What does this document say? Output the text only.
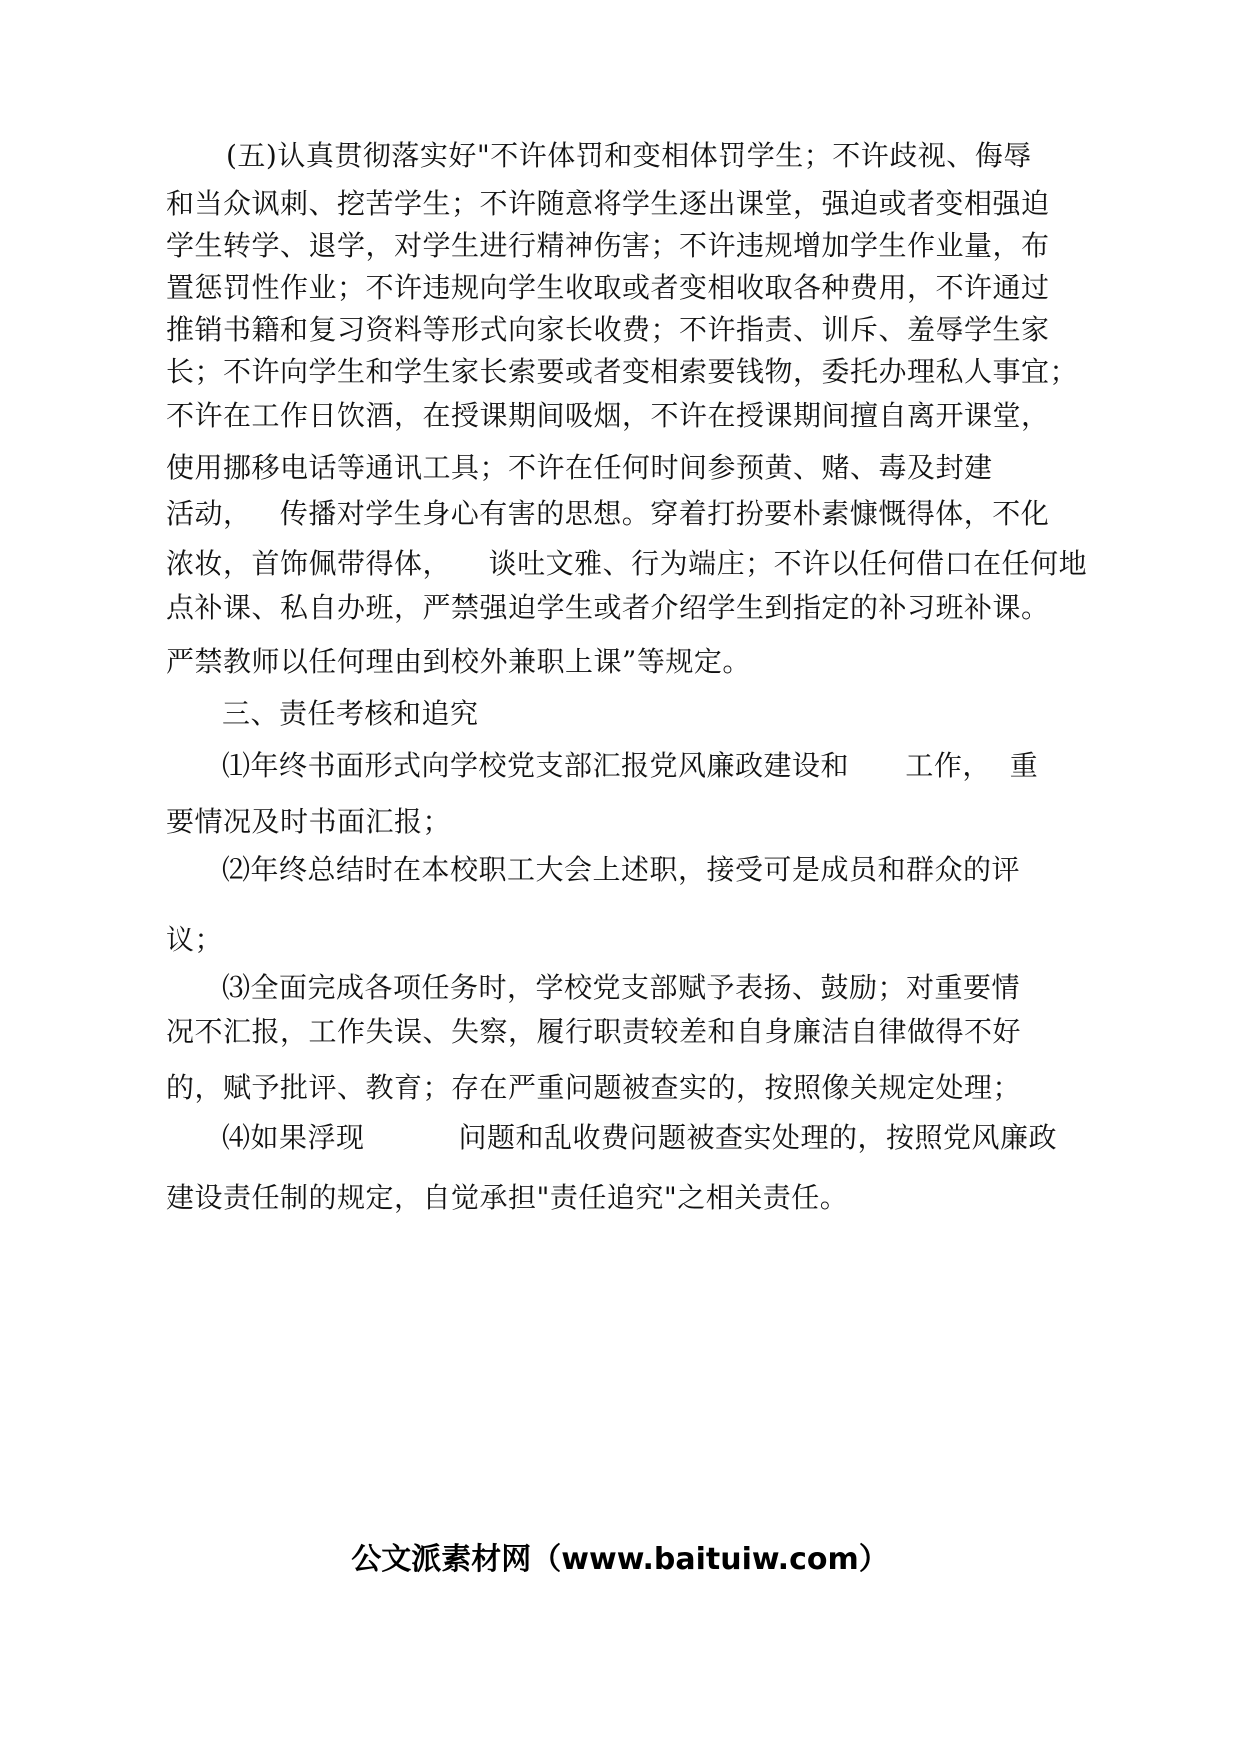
(五)认真贯彻落实好"不许体罚和变相体罚学生；不许歧视、侮辱
和当众讽刺、挖苦学生；不许随意将学生逐出课堂，强迫或者变相强迫
学生转学、退学，对学生进行精神伤害；不许违规增加学生作业量，布
置惩罚性作业；不许违规向学生收取或者变相收取各种费用，不许通过
推销书籍和复习资料等形式向家长收费；不许指责、训斥、羞辱学生家
长；不许向学生和学生家长索要或者变相索要钱物，委托办理私人事宜；
不许在工作日饮酒，在授课期间吸烟，不许在授课期间擅自离开课堂，
使用挪移电话等通讯工具；不许在任何时间参预黄、赌、毒及封建
活动，   传播对学生身心有害的思想。穿着打扮要朴素慷慨得体，不化
浓妆，首饰佩带得体，    谈吐文雅、行为端庄；不许以任何借口在任何地
点补课、私自办班，严禁强迫学生或者介绍学生到指定的补习班补课。
严禁教师以任何理由到校外兼职上课”等规定。
三、责任考核和追究
⑴年终书面形式向学校党支部汇报党风廉政建设和      工作，  重
要情况及时书面汇报；
⑵年终总结时在本校职工大会上述职，接受可是成员和群众的评
议；
⑶全面完成各项任务时，学校党支部赋予表扬、鼓励；对重要情
况不汇报，工作失误、失察，履行职责较差和自身廉洁自律做得不好
的，赋予批评、教育；存在严重问题被查实的，按照像关规定处理；
⑷如果浮现          问题和乱收费问题被查实处理的，按照党风廉政
建设责任制的规定，自觉承担"责任追究"之相关责任。
公文派素材网（www.baituiw.com）
